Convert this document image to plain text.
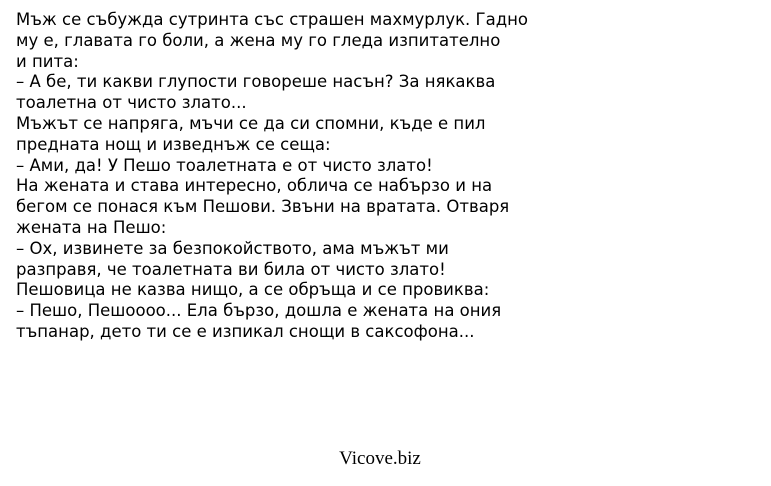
Мъж се събужда сутринта със страшен махмурлук. Гадно
му е, главата го боли, а жена му го гледа изпитателно
и пита:
– А бе, ти какви глупости говореше насън? За някаква
тоалетна от чисто злато...
Мъжът се напряга, мъчи се да си спомни, къде е пил
предната нощ и изведнъж се сеща:
– Ами, да! У Пешо тоалетната е от чисто злато!
На жената и става интересно, облича се набързо и на
бегом се понася към Пешови. Звъни на вратата. Отваря
жената на Пешо:
– Ох, извинете за безпокойството, ама мъжът ми
разправя, че тоалетната ви била от чисто злато!
Пешовица не казва нищо, а се обръща и се провиква:
– Пешо, Пешоооо... Ела бързо, дошла е жената на ония
тъпанар, дето ти се е изпикал снощи в саксофона...
Vicove.biz
